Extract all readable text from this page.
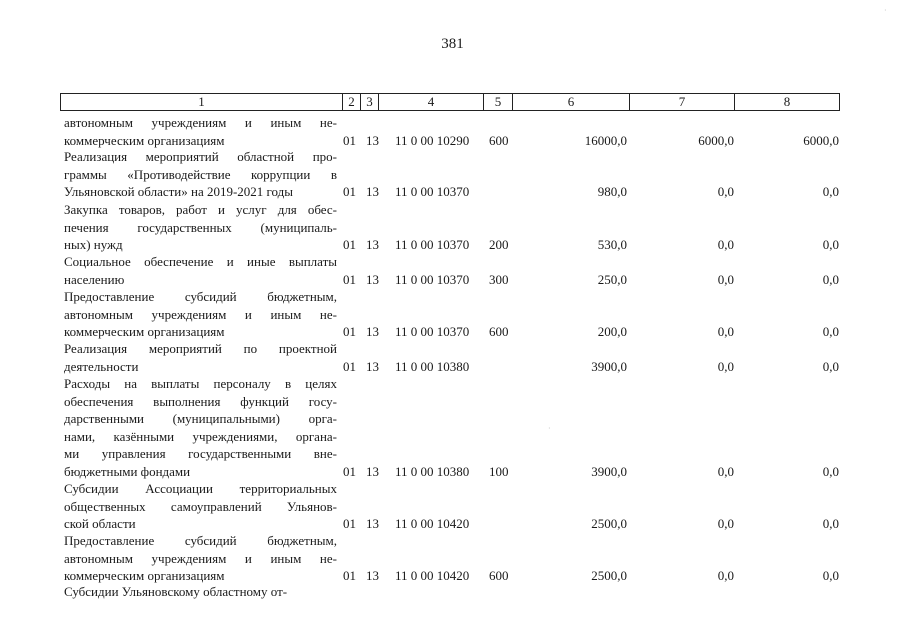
381
1	2	3	4	5	6	7	8
автономным учреждениям и иным не-
коммерческим организациям	01 13 11 0 00 10290 600	16000,0	6000,0	6000,0
Реализация мероприятий областной про-
граммы «Противодействие коррупции в
Ульяновской области» на 2019-2021 годы	01 13 11 0 00 10370	980,0	0,0	0,0
Закупка товаров, работ и услуг для обес-
печения государственных (муниципаль-
ных) нужд	01 13 11 0 00 10370 200	530,0	0,0	0,0
Социальное обеспечение и иные выплаты
населению	01 13 11 0 00 10370 300	250,0	0,0	0,0
Предоставление субсидий бюджетным,
автономным учреждениям и иным не-
коммерческим организациям	01 13 11 0 00 10370 600	200,0	0,0	0,0
Реализация мероприятий по проектной
деятельности	01 13 11 0 00 10380	3900,0	0,0	0,0
Расходы на выплаты персоналу в целях
обеспечения выполнения функций госу-
дарственными (муниципальными) орга-
нами, казёнными учреждениями, органа-
ми управления государственными вне-
бюджетными фондами	01 13 11 0 00 10380 100	3900,0	0,0	0,0
Субсидии Ассоциации территориальных
общественных самоуправлений Ульянов-
ской области	01 13 11 0 00 10420	2500,0	0,0	0,0
Предоставление субсидий бюджетным,
автономным учреждениям и иным не-
коммерческим организациям	01 13 11 0 00 10420 600	2500,0	0,0	0,0
Субсидии Ульяновскому областному от-
·
·
